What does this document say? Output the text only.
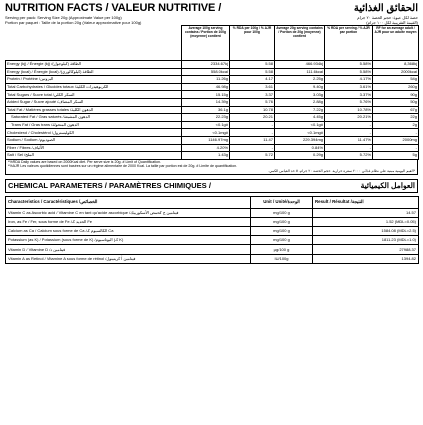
NUTRITION FACTS / VALEUR NUTRITIVE /	الحقائق الغذائية
Serving per pack: Serving Size 20g (Approximate Value per 100g)	حصة لكل عبوة: حجم الحصة ٢٠ جرام
Portion par paquet : Taille de la portion 20g (Valeur approximative pour 100g)	(القيمة التقريبية لكل ١٠٠ جرام)
	Average 100g serving contains / Portion de 100g (moyenne) contient	% RDA per 100g / % AJR pour 100g	Average 20g serving contains / Portion de 20g (moyenne) contient	% RDA per serving / % AJR par portion	RF for an average adult / AJR pour un adulte moyen
Energy (kj) / Énergie (kj) /الطاقة (كيلوجول)	2334.67kj	5.58	466.934kj	5.58%	8,368kj
Energy (kcal) / Énergie (kcal) /الطاقة (كيلوكالوري)	558.0kcal	5.58	111.6kcal	5.58%	2000kcal
Protein / Protéine /البروتين	11.26g	4.17	2.25g	4.17%	54g
Total Carbohydrates / Glucides totaux /الكربوهيدرات الكلية	46.98g	3.61	9.40g	3.61%	260g
Total Sugars / Sucre total /السكر الكلي	15.15g	3.37	3.03g	3.37%	90g
Added Sugar / Sucre ajouté /السكر المضاف	14.39g	5.76	2.88g	5.76%	50g
Total Fat / Matières grasses totales /الدهون الكلية	36.1g	10.78	7.22g	10.78%	67g
Saturated Fat / Gras saturés /الدهون المشبعة	22.23g	20.21	4.45g	20.21%	22g
Trans Fat / Gras trans /الدهون المتحولة	<0.1g#	-	<0.1g#	-	2g
Cholesterol / Cholestérol /الكوليسترول	<0.1mg#	-	<0.1mg#	-	-
Sodium / Sodium /الصوديوم	1146.97mg	11.47	229.394mg	11.47%	2000mg
Fiber / Fibres /الألياف	4.20%	-	0.84%	-	-
Salt / Sel /الملح	1.43g	5.72	0.29g	5.72%	5g
*%RDA Daily values are based on 2000Kcal diet. Per serve size is 20g. # Limit of Quantification.
*%AJR Les valeurs quotidiennes sont basées sur un régime alimentaire de 2000 Kcal. La taille par portion est de 20g. # Limite de quantification.
*القيم اليومية مبنية على نظام غذائي ٢٠٠٠ سعرة حرارية. حجم الحصة ٢٠ جرام. # حد القياس الكمي.
CHEMICAL PARAMETERS / PARAMÈTRES CHIMIQUES /	العوامل الكيميائية
Characteristics / Caractéristiques /الخصائص	Unit / Unité/الوحدة	Result / Résultat /النتيجة
Vitamin C as Ascorbic acid / Vitamine C en tant qu'acide ascorbique /فيتامين ج كحمض الأسكوربيك	mg/100 g	14.57
Iron, as Fe / Fer, sous forme de Fe /الحديد كـ Fe	mg/100 g	1.52 (MDL=0.05)
Calcium as Ca / Calcium sous forme de Ca /الكالسيوم كـ Ca	mg/100 g	1584.08 (MDL=2.5)
Potassium (as K) / Potassium (sous forme de K) /البوتاسيوم (كـ K)	mg/100 g	1811.23 (MDL=1.0)
Vitamin D / Vitamine D /فيتامين د	µg/100 g	27988.37
Vitamin A as Retinol / Vitamine A sous forme de rétinol /فيتامين أ كريتينول	IU/100g	1394.82
